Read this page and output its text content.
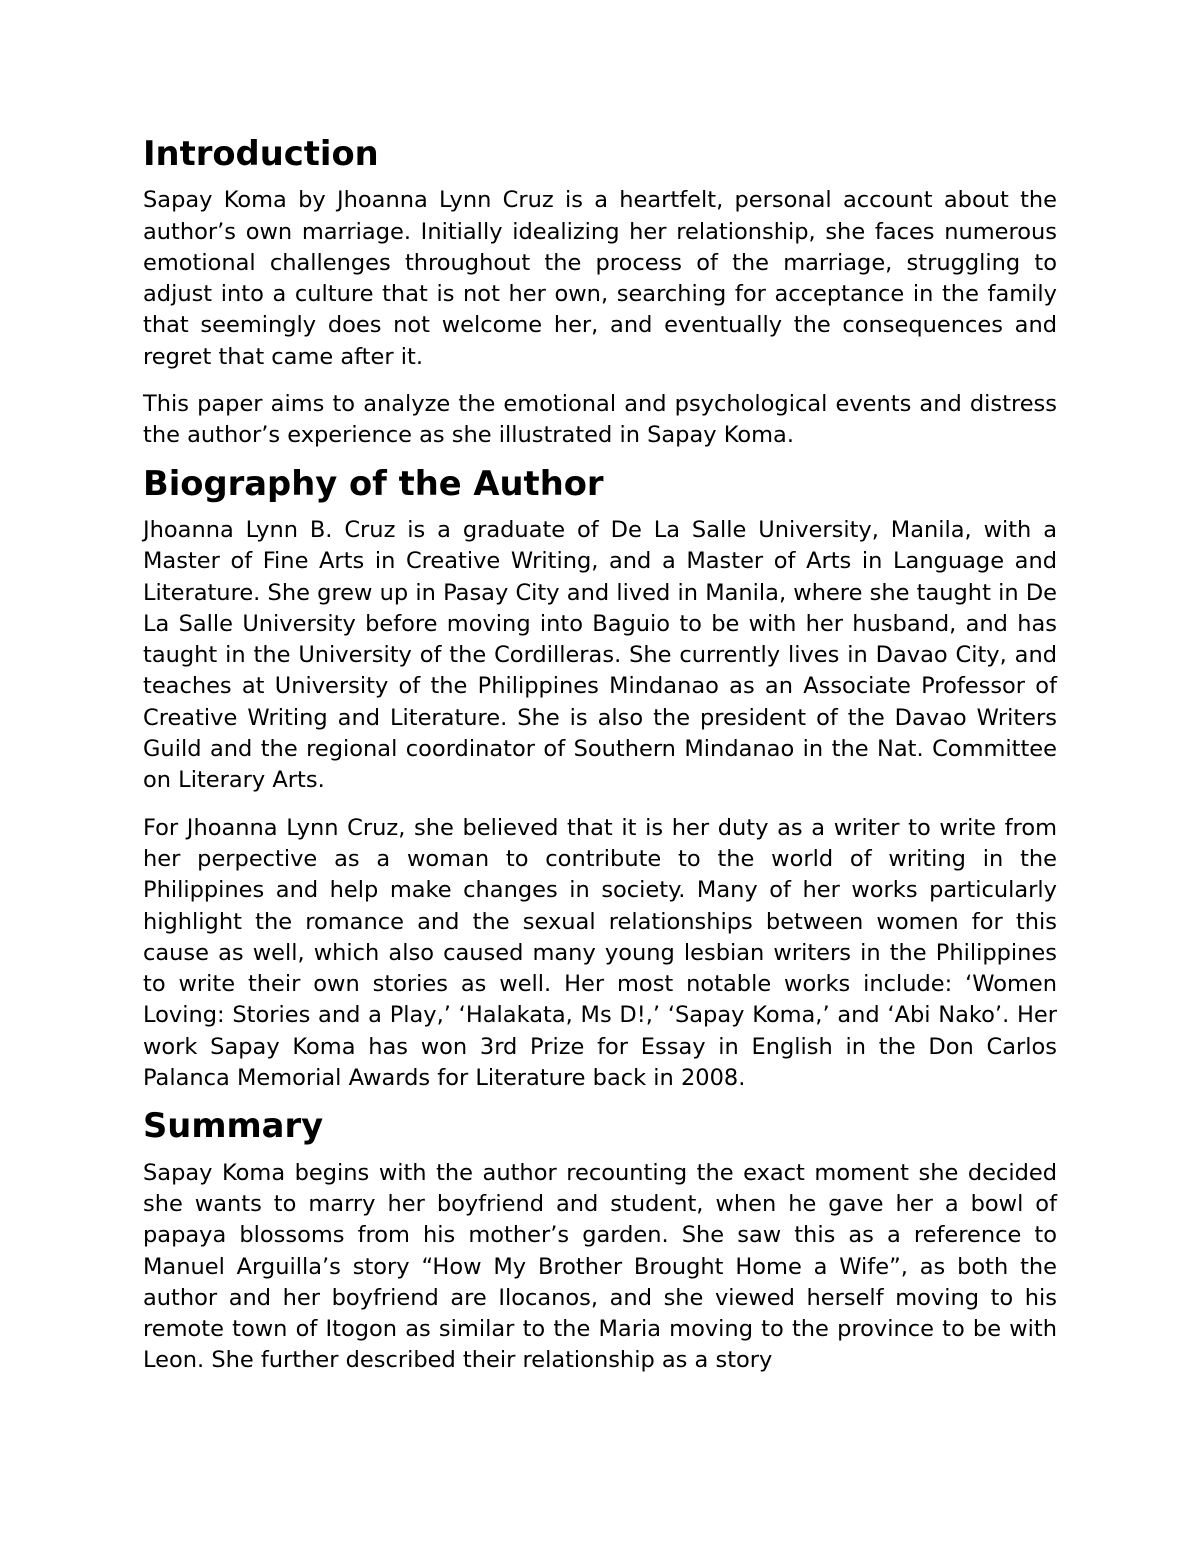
Introduction

Sapay Koma by Jhoanna Lynn Cruz is a heartfelt, personal account about the author’s own marriage. Initially idealizing her relationship, she faces numerous emotional challenges throughout the process of the marriage, struggling to adjust into a culture that is not her own, searching for acceptance in the family that seemingly does not welcome her, and eventually the consequences and regret that came after it.

This paper aims to analyze the emotional and psychological events and distress the author’s experience as she illustrated in Sapay Koma.

Biography of the Author

Jhoanna Lynn B. Cruz is a graduate of De La Salle University, Manila, with a Master of Fine Arts in Creative Writing, and a Master of Arts in Language and Literature. She grew up in Pasay City and lived in Manila, where she taught in De La Salle University before moving into Baguio to be with her husband, and has taught in the University of the Cordilleras. She currently lives in Davao City, and teaches at University of the Philippines Mindanao as an Associate Professor of Creative Writing and Literature. She is also the president of the Davao Writers Guild and the regional coordinator of Southern Mindanao in the Nat. Committee on Literary Arts.

For Jhoanna Lynn Cruz, she believed that it is her duty as a writer to write from her perpective as a woman to contribute to the world of writing in the Philippines and help make changes in society. Many of her works particularly highlight the romance and the sexual relationships between women for this cause as well, which also caused many young lesbian writers in the Philippines to write their own stories as well. Her most notable works include: ‘Women Loving: Stories and a Play,’ ‘Halakata, Ms D!,’ ‘Sapay Koma,’ and ‘Abi Nako’. Her work Sapay Koma has won 3rd Prize for Essay in English in the Don Carlos Palanca Memorial Awards for Literature back in 2008.

Summary

Sapay Koma begins with the author recounting the exact moment she decided she wants to marry her boyfriend and student, when he gave her a bowl of papaya blossoms from his mother’s garden. She saw this as a reference to Manuel Arguilla’s story “How My Brother Brought Home a Wife”, as both the author and her boyfriend are Ilocanos, and she viewed herself moving to his remote town of Itogon as similar to the Maria moving to the province to be with Leon. She further described their relationship as a story
